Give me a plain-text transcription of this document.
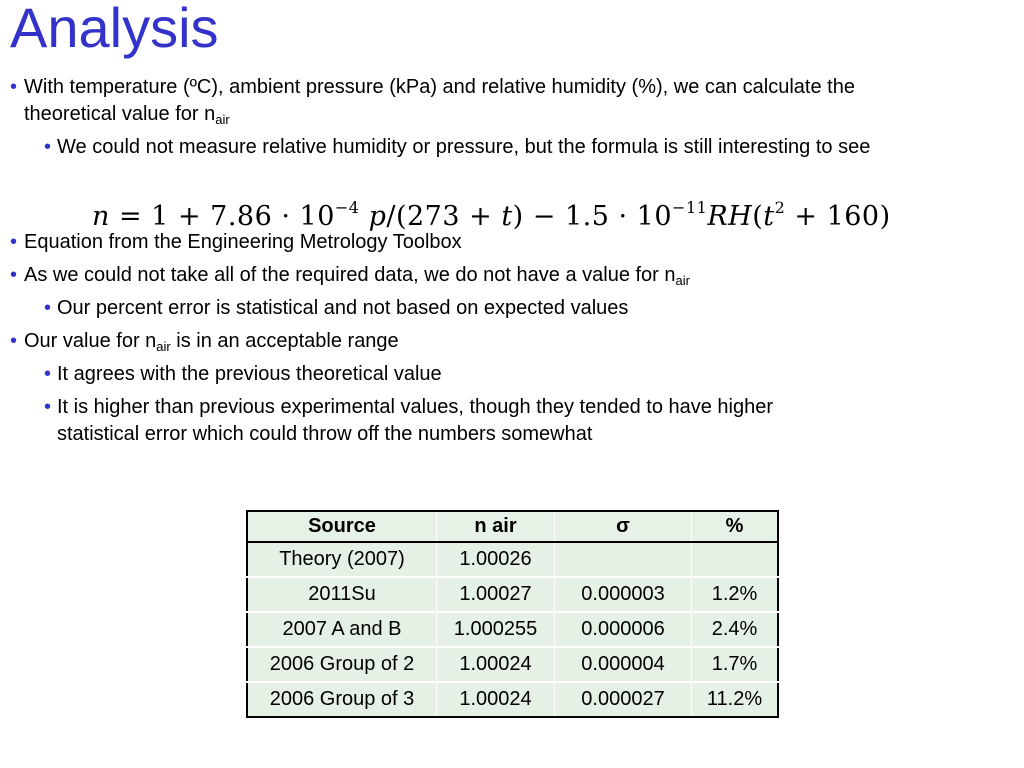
Analysis
• With temperature (ºC), ambient pressure (kPa) and relative humidity (%), we can calculate the theoretical value for $n_{air}$
• We could not measure relative humidity or pressure, but the formula is still interesting to see
• Equation from the Engineering Metrology Toolbox
• As we could not take all of the required data, we do not have a value for $n_{air}$
• Our percent error is statistical and not based on expected values
• Our value for $n_{air}$ is in an acceptable range
• It agrees with the previous theoretical value
• It is higher than previous experimental values, though they tended to have higher statistical error which could throw off the numbers somewhat
$n = 1 + 7.86 \cdot 10^{-4}$ $p/(273 + t) - 1.5 \cdot 10^{-11}RH(t^2 + 160)$
Source	n air	σ	%
Theory (2007)	1.00026		
2011Su	1.00027	0.000003	1.2%
2007 A and B	1.000255	0.000006	2.4%
2006 Group of 2	1.00024	0.000004	1.7%
2006 Group of 3	1.00024	0.000027	11.2%
